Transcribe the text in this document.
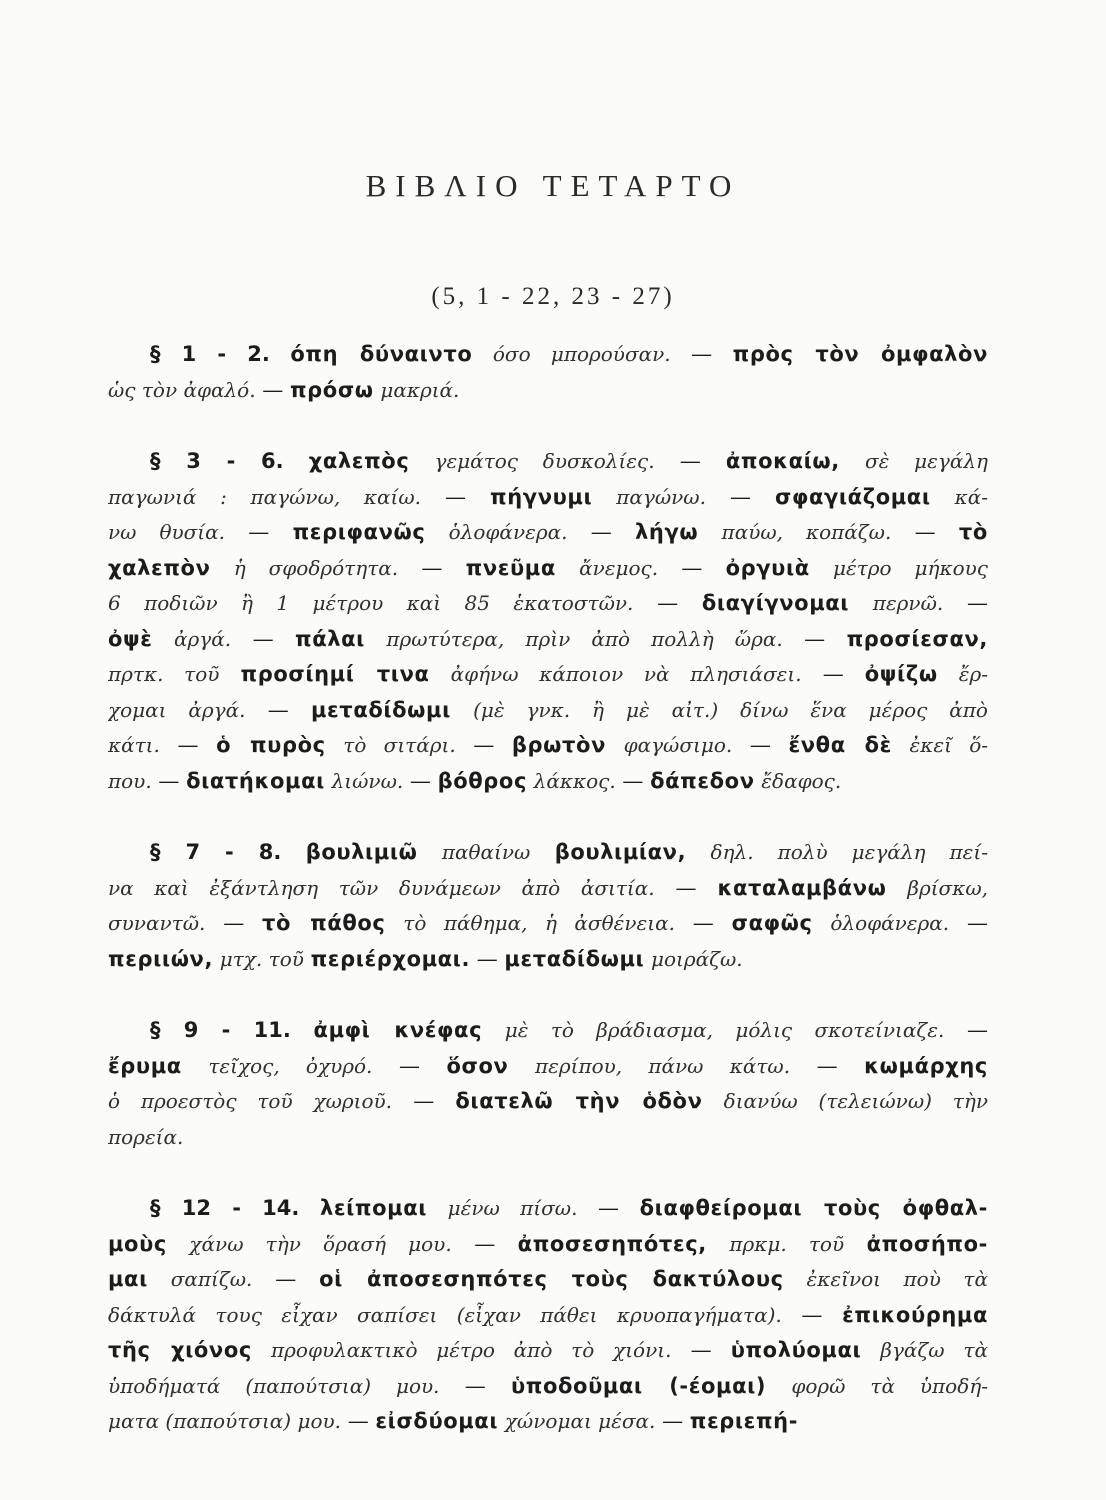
ΒΙΒΛΙΟ ΤΕΤΑΡΤΟ
(5, 1 - 22, 23 - 27)
§ 1 - 2. όπη δύναιντο όσο μπορούσαν. — πρὸς τὸν ὀμφαλὸν
ὡς τὸν ἀφαλό. — πρόσω μακριά.
§ 3 - 6. χαλεπὸς γεμάτος δυσκολίες. — ἀποκαίω, σὲ μεγάλη
παγωνιά : παγώνω, καίω. — πήγνυμι παγώνω. — σφαγιάζομαι κά-
νω θυσία. — περιφανῶς ὁλοφάνερα. — λήγω παύω, κοπάζω. — τὸ
χαλεπὸν ἡ σφοδρότητα. — πνεῦμα ἄνεμος. — ὀργυιὰ μέτρο μήκους
6 ποδιῶν ἢ 1 μέτρου καὶ 85 ἑκατοστῶν. — διαγίγνομαι περνῶ. —
ὀψὲ ἀργά. — πάλαι πρωτύτερα, πρὶν ἀπὸ πολλὴ ὥρα. — προσίεσαν,
πρτκ. τοῦ προσίημί τινα ἀφήνω κάποιον νὰ πλησιάσει. — ὀψίζω ἔρ-
χομαι ἀργά. — μεταδίδωμι (μὲ γνκ. ἢ μὲ αἰτ.) δίνω ἕνα μέρος ἀπὸ
κάτι. — ὁ πυρὸς τὸ σιτάρι. — βρωτὸν φαγώσιμο. — ἔνθα δὲ ἐκεῖ ὅ-
που. — διατήκομαι λιώνω. — βόθρος λάκκος. — δάπεδον ἔδαφος.
§ 7 - 8. βουλιμιῶ παθαίνω βουλιμίαν, δηλ. πολὺ μεγάλη πεί-
να καὶ ἐξάντληση τῶν δυνάμεων ἀπὸ ἀσιτία. — καταλαμβάνω βρίσκω,
συναντῶ. — τὸ πάθος τὸ πάθημα, ἡ ἀσθένεια. — σαφῶς ὁλοφάνερα. —
περιιών, μτχ. τοῦ περιέρχομαι. — μεταδίδωμι μοιράζω.
§ 9 - 11. ἀμφὶ κνέφας μὲ τὸ βράδιασμα, μόλις σκοτείνιαζε. —
ἔρυμα τεῖχος, ὀχυρό. — ὅσον περίπου, πάνω κάτω. — κωμάρχης
ὁ προεστὸς τοῦ χωριοῦ. — διατελῶ τὴν ὁδὸν διανύω (τελειώνω) τὴν
πορεία.
§ 12 - 14. λείπομαι μένω πίσω. — διαφθείρομαι τοὺς ὀφθαλ-
μοὺς χάνω τὴν ὅρασή μου. — ἀποσεσηπότες, πρκμ. τοῦ ἀποσήπο-
μαι σαπίζω. — οἱ ἀποσεσηπότες τοὺς δακτύλους ἐκεῖνοι ποὺ τὰ
δάκτυλά τους εἶχαν σαπίσει (εἶχαν πάθει κρυοπαγήματα). — ἐπικούρημα
τῆς χιόνος προφυλακτικὸ μέτρο ἀπὸ τὸ χιόνι. — ὑπολύομαι βγάζω τὰ
ὑποδήματά (παπούτσια) μου. — ὑποδοῦμαι (-έομαι) φορῶ τὰ ὑποδή-
ματα (παπούτσια) μου. — εἰσδύομαι χώνομαι μέσα. — περιεπή-
